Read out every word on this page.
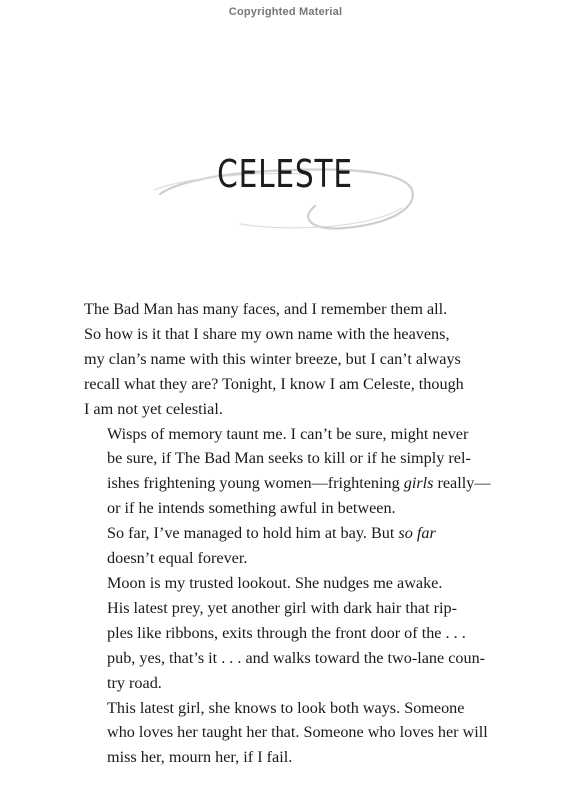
Copyrighted Material
CELESTE

The Bad Man has many faces, and I remember them all.
So how is it that I share my own name with the heavens,
my clan’s name with this winter breeze, but I can’t always
recall what they are? Tonight, I know I am Celeste, though
I am not yet celestial.

Wisps of memory taunt me. I can’t be sure, might never
be sure, if The Bad Man seeks to kill or if he simply rel-
ishes frightening young women—frightening girls really—
or if he intends something awful in between.

So far, I’ve managed to hold him at bay. But so far
doesn’t equal forever.

Moon is my trusted lookout. She nudges me awake.

His latest prey, yet another girl with dark hair that rip-
ples like ribbons, exits through the front door of the . . .
pub, yes, that’s it . . . and walks toward the two-lane coun-
try road.

This latest girl, she knows to look both ways. Someone
who loves her taught her that. Someone who loves her will
miss her, mourn her, if I fail.
